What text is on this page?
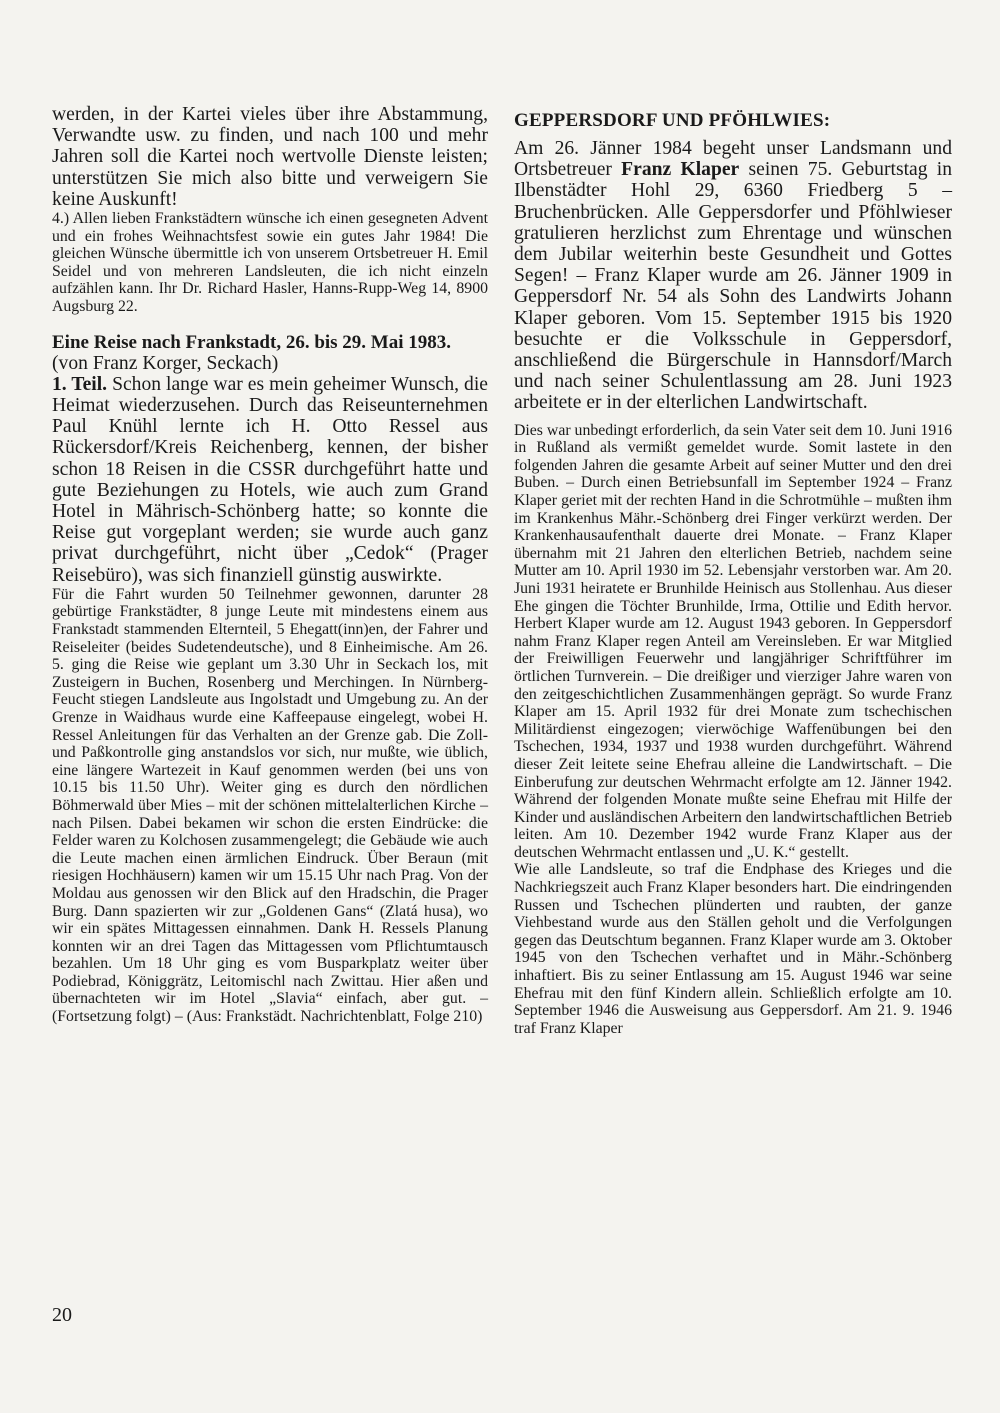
werden, in der Kartei vieles über ihre Abstammung, Verwandte usw. zu finden, und nach 100 und mehr Jahren soll die Kartei noch wertvolle Dienste leisten; unterstützen Sie mich also bitte und verweigern Sie keine Auskunft!

4.) Allen lieben Frankstädtern wünsche ich einen gesegneten Advent und ein frohes Weihnachtsfest sowie ein gutes Jahr 1984! Die gleichen Wünsche übermittle ich von unserem Ortsbetreuer H. Emil Seidel und von mehreren Landsleuten, die ich nicht einzeln aufzählen kann. Ihr Dr. Richard Hasler, Hanns-Rupp-Weg 14, 8900 Augsburg 22.

Eine Reise nach Frankstadt, 26. bis 29. Mai 1983.

(von Franz Korger, Seckach)

1. Teil. Schon lange war es mein geheimer Wunsch, die Heimat wiederzusehen. Durch das Reiseunternehmen Paul Knühl lernte ich H. Otto Ressel aus Rückersdorf/Kreis Reichenberg, kennen, der bisher schon 18 Reisen in die CSSR durchgeführt hatte und gute Beziehungen zu Hotels, wie auch zum Grand Hotel in Mährisch-Schönberg hatte; so konnte die Reise gut vorgeplant werden; sie wurde auch ganz privat durchgeführt, nicht über „Cedok“ (Prager Reisebüro), was sich finanziell günstig auswirkte.

Für die Fahrt wurden 50 Teilnehmer gewonnen, darunter 28 gebürtige Frankstädter, 8 junge Leute mit mindestens einem aus Frankstadt stammenden Elternteil, 5 Ehegatt(inn)en, der Fahrer und Reiseleiter (beides Sudetendeutsche), und 8 Einheimische. Am 26. 5. ging die Reise wie geplant um 3.30 Uhr in Seckach los, mit Zusteigern in Buchen, Rosenberg und Merchingen. In Nürnberg-Feucht stiegen Landsleute aus Ingolstadt und Umgebung zu. An der Grenze in Waidhaus wurde eine Kaffeepause eingelegt, wobei H. Ressel Anleitungen für das Verhalten an der Grenze gab. Die Zoll- und Paßkontrolle ging anstandslos vor sich, nur mußte, wie üblich, eine längere Wartezeit in Kauf genommen werden (bei uns von 10.15 bis 11.50 Uhr). Weiter ging es durch den nördlichen Böhmerwald über Mies – mit der schönen mittelalterlichen Kirche – nach Pilsen. Dabei bekamen wir schon die ersten Eindrücke: die Felder waren zu Kolchosen zusammengelegt; die Gebäude wie auch die Leute machen einen ärmlichen Eindruck. Über Beraun (mit riesigen Hochhäusern) kamen wir um 15.15 Uhr nach Prag. Von der Moldau aus genossen wir den Blick auf den Hradschin, die Prager Burg. Dann spazierten wir zur „Goldenen Gans“ (Zlatá husa), wo wir ein spätes Mittagessen einnahmen. Dank H. Ressels Planung konnten wir an drei Tagen das Mittagessen vom Pflichtumtausch bezahlen. Um 18 Uhr ging es vom Busparkplatz weiter über Podiebrad, Königgrätz, Leitomischl nach Zwittau. Hier aßen und übernachteten wir im Hotel „Slavia“ einfach, aber gut. – (Fortsetzung folgt) – (Aus: Frankstädt. Nachrichtenblatt, Folge 210)

GEPPERSDORF UND PFÖHLWIES:

Am 26. Jänner 1984 begeht unser Landsmann und Ortsbetreuer Franz Klaper seinen 75. Geburtstag in Ilbenstädter Hohl 29, 6360 Friedberg 5 – Bruchenbrücken. Alle Geppersdorfer und Pföhlwieser gratulieren herzlichst zum Ehrentage und wünschen dem Jubilar weiterhin beste Gesundheit und Gottes Segen! – Franz Klaper wurde am 26. Jänner 1909 in Geppersdorf Nr. 54 als Sohn des Landwirts Johann Klaper geboren. Vom 15. September 1915 bis 1920 besuchte er die Volksschule in Geppersdorf, anschließend die Bürgerschule in Hannsdorf/March und nach seiner Schulentlassung am 28. Juni 1923 arbeitete er in der elterlichen Landwirtschaft.

Dies war unbedingt erforderlich, da sein Vater seit dem 10. Juni 1916 in Rußland als vermißt gemeldet wurde. Somit lastete in den folgenden Jahren die gesamte Arbeit auf seiner Mutter und den drei Buben. – Durch einen Betriebsunfall im September 1924 – Franz Klaper geriet mit der rechten Hand in die Schrotmühle – mußten ihm im Krankenhus Mähr.-Schönberg drei Finger verkürzt werden. Der Krankenhausaufenthalt dauerte drei Monate. – Franz Klaper übernahm mit 21 Jahren den elterlichen Betrieb, nachdem seine Mutter am 10. April 1930 im 52. Lebensjahr verstorben war. Am 20. Juni 1931 heiratete er Brunhilde Heinisch aus Stollenhau. Aus dieser Ehe gingen die Töchter Brunhilde, Irma, Ottilie und Edith hervor. Herbert Klaper wurde am 12. August 1943 geboren. In Geppersdorf nahm Franz Klaper regen Anteil am Vereinsleben. Er war Mitglied der Freiwilligen Feuerwehr und langjähriger Schriftführer im örtlichen Turnverein. – Die dreißiger und vierziger Jahre waren von den zeitgeschichtlichen Zusammenhängen geprägt. So wurde Franz Klaper am 15. April 1932 für drei Monate zum tschechischen Militärdienst eingezogen; vierwöchige Waffenübungen bei den Tschechen, 1934, 1937 und 1938 wurden durchgeführt. Während dieser Zeit leitete seine Ehefrau alleine die Landwirtschaft. – Die Einberufung zur deutschen Wehrmacht erfolgte am 12. Jänner 1942. Während der folgenden Monate mußte seine Ehefrau mit Hilfe der Kinder und ausländischen Arbeitern den landwirtschaftlichen Betrieb leiten. Am 10. Dezember 1942 wurde Franz Klaper aus der deutschen Wehrmacht entlassen und „U. K.“ gestellt.

Wie alle Landsleute, so traf die Endphase des Krieges und die Nachkriegszeit auch Franz Klaper besonders hart. Die eindringenden Russen und Tschechen plünderten und raubten, der ganze Viehbestand wurde aus den Ställen geholt und die Verfolgungen gegen das Deutschtum begannen. Franz Klaper wurde am 3. Oktober 1945 von den Tschechen verhaftet und in Mähr.-Schönberg inhaftiert. Bis zu seiner Entlassung am 15. August 1946 war seine Ehefrau mit den fünf Kindern allein. Schließlich erfolgte am 10. September 1946 die Ausweisung aus Geppersdorf. Am 21. 9. 1946 traf Franz Klaper

20
